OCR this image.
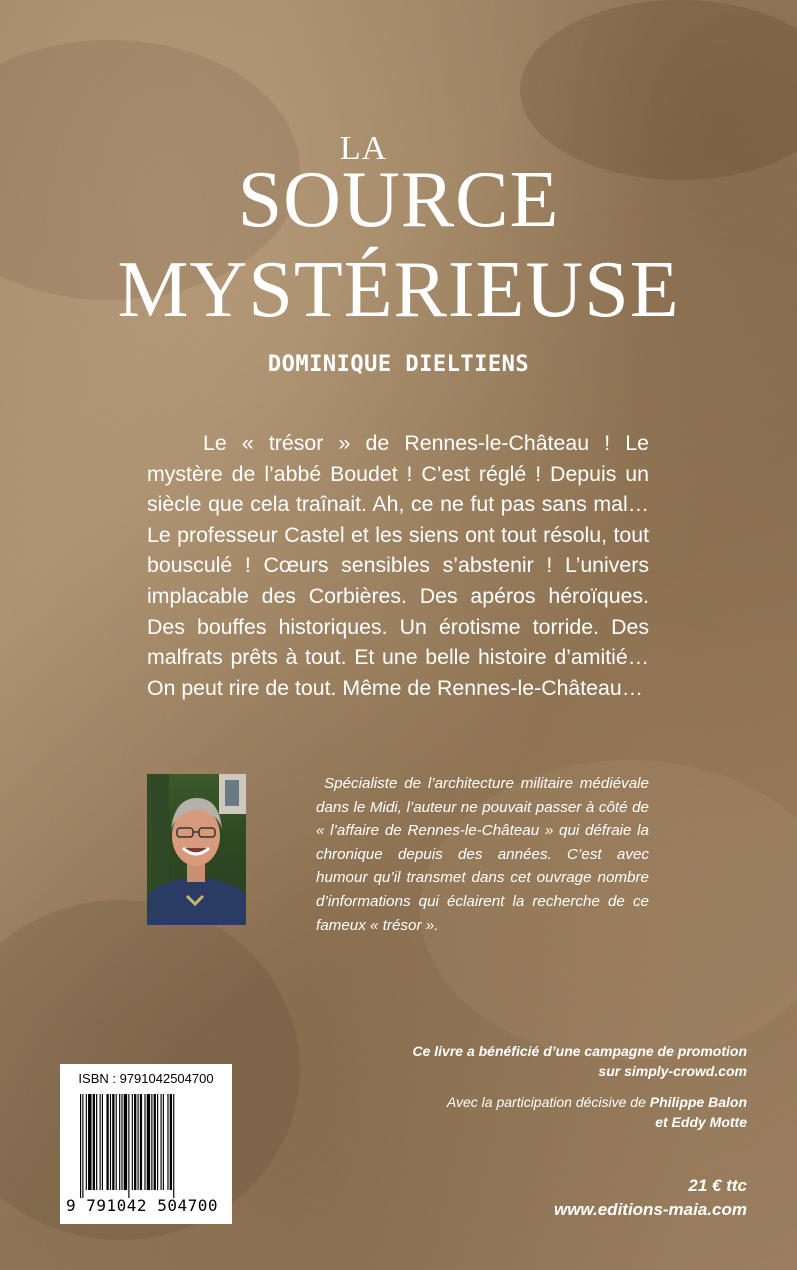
LA
SOURCE
MYSTÉRIEUSE
DOMINIQUE DIELTIENS

Le « trésor » de Rennes-le-Château ! Le mystère de l’abbé Boudet ! C’est réglé ! Depuis un siècle que cela traînait. Ah, ce ne fut pas sans mal… Le professeur Castel et les siens ont tout résolu, tout bousculé ! Cœurs sensibles s’abstenir ! L’univers implacable des Corbières. Des apéros héroïques. Des bouffes historiques. Un érotisme torride. Des malfrats prêts à tout. Et une belle histoire d’amitié… On peut rire de tout. Même de Rennes-le-Château…

Spécialiste de l’architecture militaire médiévale dans le Midi, l’auteur ne pouvait passer à côté de « l’affaire de Rennes-le-Château » qui défraie la chronique depuis des années. C’est avec humour qu’il transmet dans cet ouvrage nombre d’informations qui éclairent la recherche de ce fameux « trésor ».

Ce livre a bénéficié d’une campagne de promotion
sur simply-crowd.com
Avec la participation décisive de Philippe Balon
et Eddy Motte
21 € ttc
www.editions-maia.com
ISBN : 9791042504700
9 791042 504700
